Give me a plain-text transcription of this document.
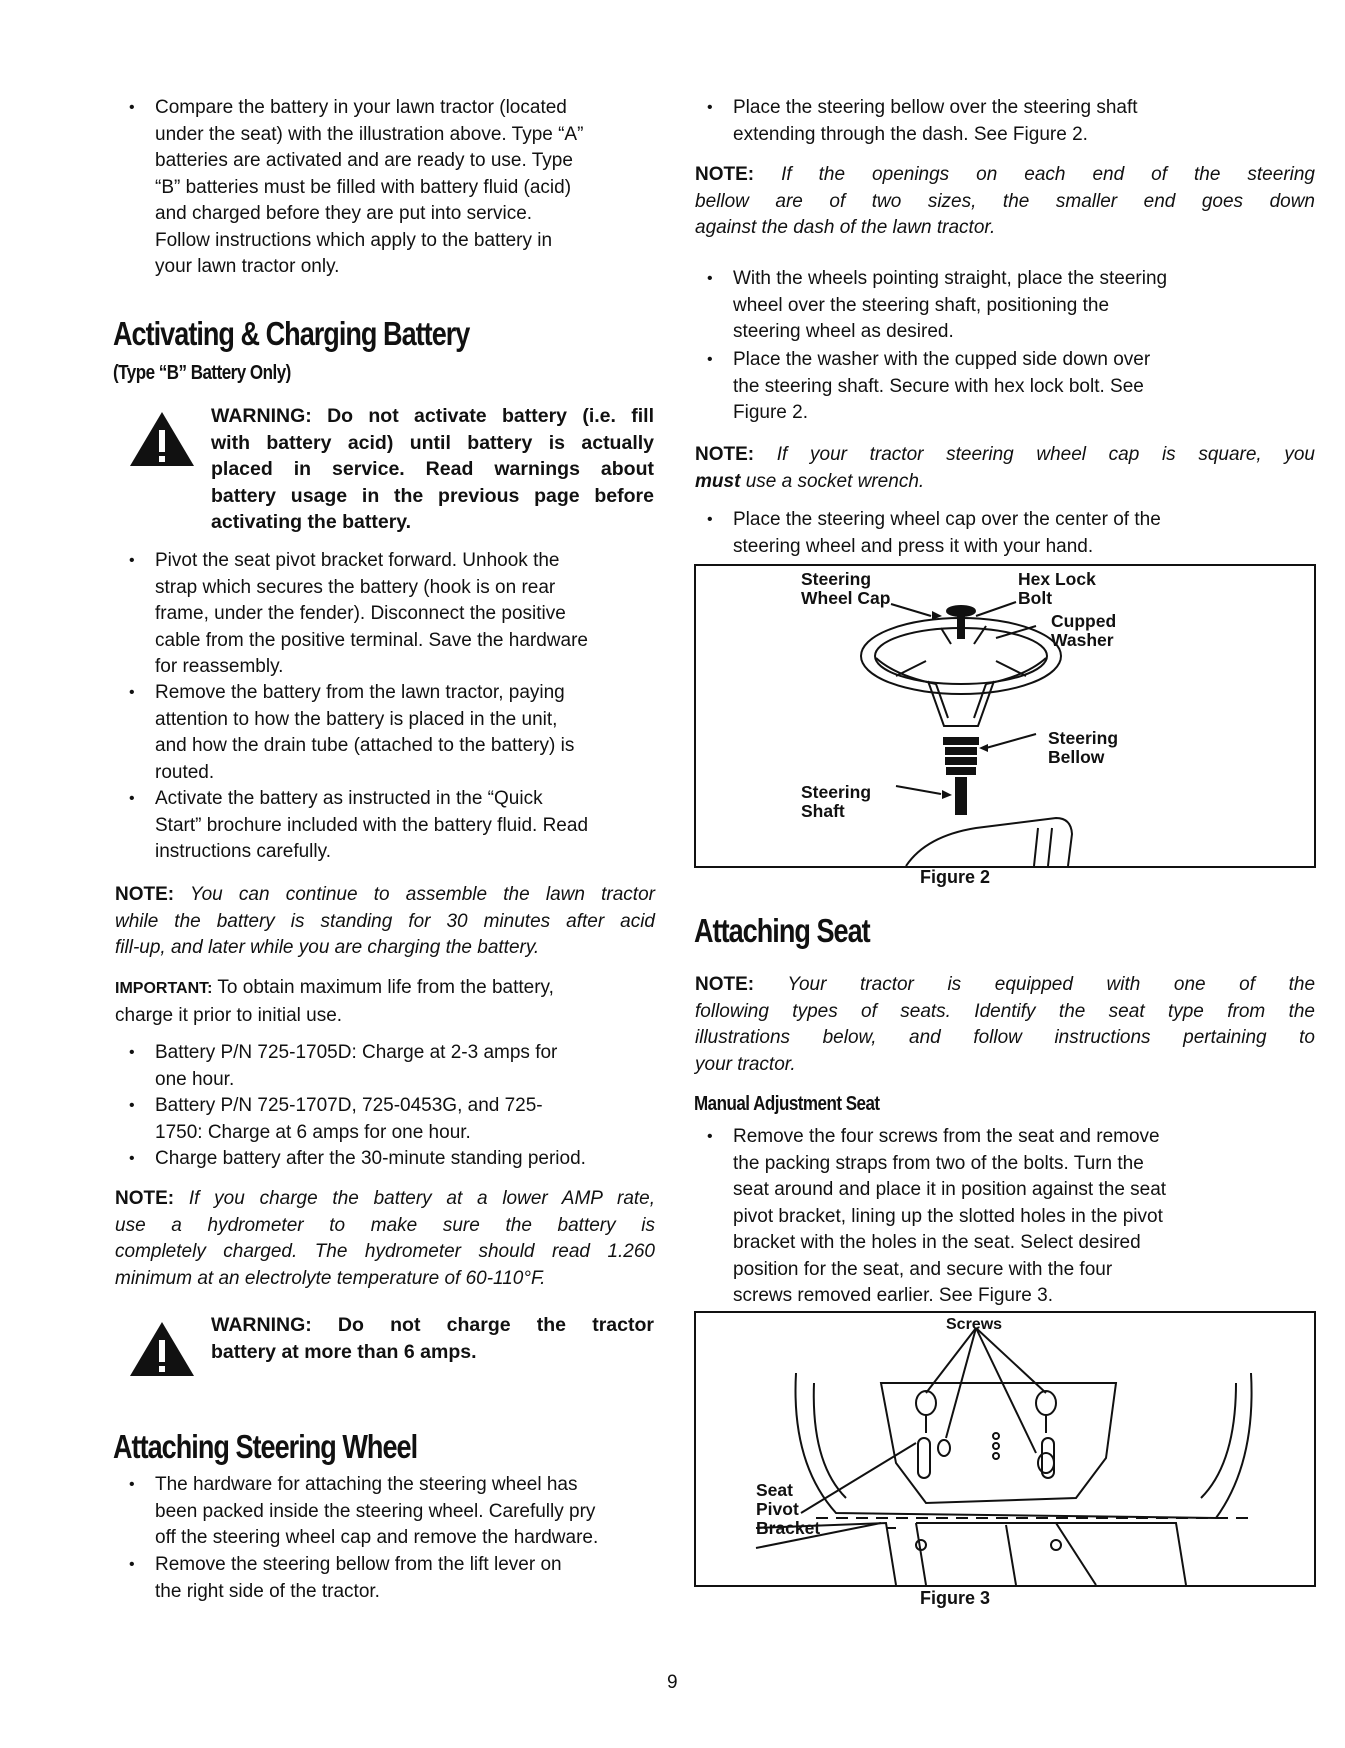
• Compare the battery in your lawn tractor (located
under the seat) with the illustration above. Type “A”
batteries are activated and are ready to use. Type
“B” batteries must be filled with battery fluid (acid)
and charged before they are put into service.
Follow instructions which apply to the battery in
your lawn tractor only.
Activating & Charging Battery
(Type “B” Battery Only)
WARNING: Do not activate battery (i.e. fill
with battery acid) until battery is actually
placed in service. Read warnings about
battery usage in the previous page before
activating the battery.
• Pivot the seat pivot bracket forward. Unhook the
strap which secures the battery (hook is on rear
frame, under the fender). Disconnect the positive
cable from the positive terminal. Save the hardware
for reassembly.
• Remove the battery from the lawn tractor, paying
attention to how the battery is placed in the unit,
and how the drain tube (attached to the battery) is
routed.
• Activate the battery as instructed in the “Quick
Start” brochure included with the battery fluid. Read
instructions carefully.
NOTE: You can continue to assemble the lawn tractor
while the battery is standing for 30 minutes after acid
fill-up, and later while you are charging the battery.
IMPORTANT: To obtain maximum life from the battery,
charge it prior to initial use.
• Battery P/N 725-1705D: Charge at 2-3 amps for
one hour.
• Battery P/N 725-1707D, 725-0453G, and 725-
1750: Charge at 6 amps for one hour.
• Charge battery after the 30-minute standing period.
NOTE: If you charge the battery at a lower AMP rate,
use a hydrometer to make sure the battery is
completely charged. The hydrometer should read 1.260
minimum at an electrolyte temperature of 60-110°F.
WARNING: Do not charge the tractor
battery at more than 6 amps.
Attaching Steering Wheel
• The hardware for attaching the steering wheel has
been packed inside the steering wheel. Carefully pry
off the steering wheel cap and remove the hardware.
• Remove the steering bellow from the lift lever on
the right side of the tractor.
• Place the steering bellow over the steering shaft
extending through the dash. See Figure 2.
NOTE: If the openings on each end of the steering
bellow are of two sizes, the smaller end goes down
against the dash of the lawn tractor.
• With the wheels pointing straight, place the steering
wheel over the steering shaft, positioning the
steering wheel as desired.
• Place the washer with the cupped side down over
the steering shaft. Secure with hex lock bolt. See
Figure 2.
NOTE: If your tractor steering wheel cap is square, you
must use a socket wrench.
• Place the steering wheel cap over the center of the
steering wheel and press it with your hand.
Steering
Wheel Cap
Hex Lock
Bolt
Cupped
Washer
Steering
Bellow
Steering
Shaft
Figure 2
Attaching Seat
NOTE: Your tractor is equipped with one of the
following types of seats. Identify the seat type from the
illustrations below, and follow instructions pertaining to
your tractor.
Manual Adjustment Seat
• Remove the four screws from the seat and remove
the packing straps from two of the bolts. Turn the
seat around and place it in position against the seat
pivot bracket, lining up the slotted holes in the pivot
bracket with the holes in the seat. Select desired
position for the seat, and secure with the four
screws removed earlier. See Figure 3.
Screws
Seat
Pivot
Bracket
Figure 3
9
